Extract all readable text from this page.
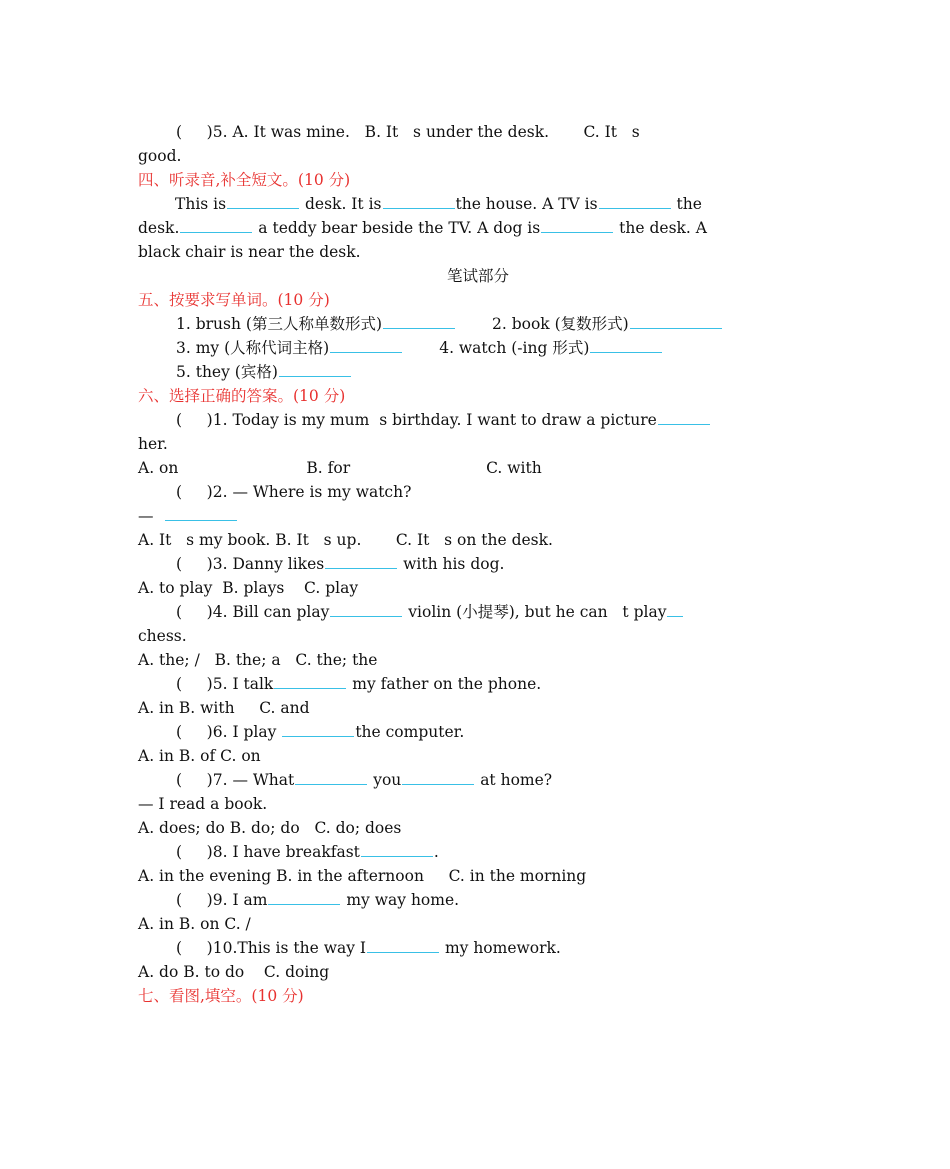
(     )5. A. It was mine.   B. It   s under the desk.       C. It   s
good.
四、听录音,补全短文。(10 分)
This is	desk. It is	the house. A TV is	the
desk.	a teddy bear beside the TV. A dog is	the desk. A
black chair is near the desk.
笔试部分
五、按要求写单词。(10 分)
1. brush (第三人称单数形式)	2. book (复数形式)
3. my (人称代词主格)	4. watch (-ing 形式)
5. they (宾格)
六、选择正确的答案。(10 分)
(     )1. Today is my mum  s birthday. I want to draw a picture
her.
A. on	B. for	C. with
(     )2. — Where is my watch?
—
A. It   s my book. B. It   s up.       C. It   s on the desk.
(     )3. Danny likes	with his dog.
A. to play  B. plays    C. play
(     )4. Bill can play	violin (小提琴), but he can   t play
chess.
A. the; /   B. the; a   C. the; the
(     )5. I talk	my father on the phone.
A. in B. with     C. and
(     )6. I play	the computer.
A. in B. of C. on
(     )7. — What	you	at home?
— I read a book.
A. does; do B. do; do   C. do; does
(     )8. I have breakfast	.
A. in the evening B. in the afternoon     C. in the morning
(     )9. I am	my way home.
A. in B. on C. /
(     )10.This is the way I	my homework.
A. do B. to do    C. doing
七、看图,填空。(10 分)
